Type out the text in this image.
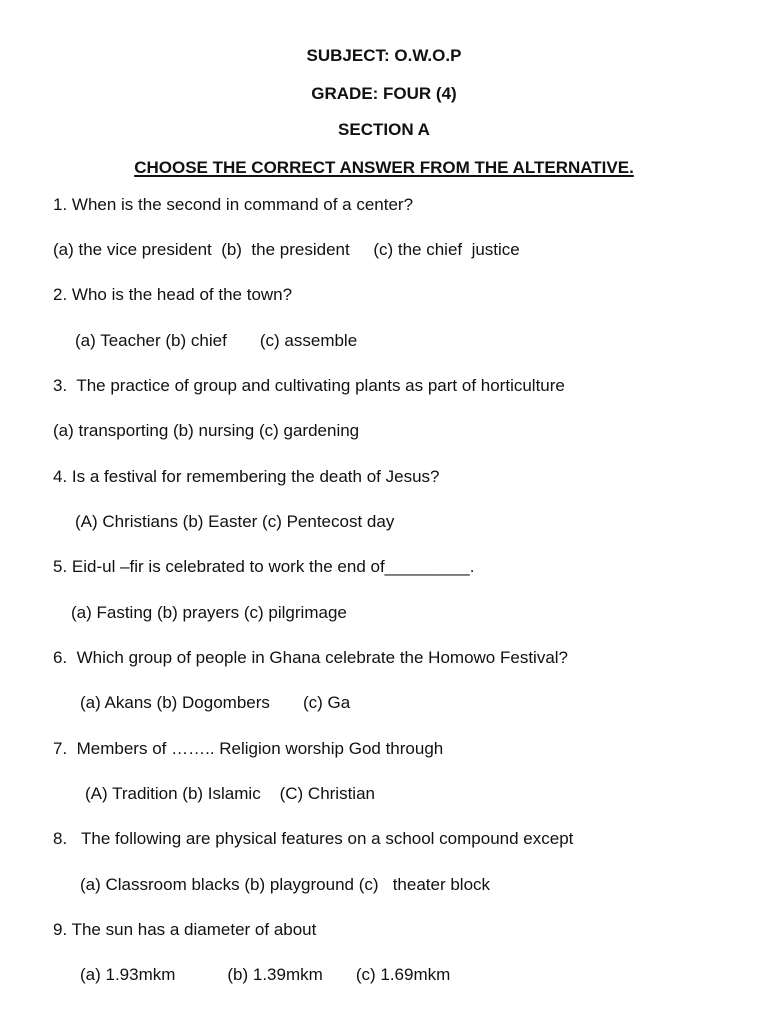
SUBJECT: O.W.O.P
GRADE: FOUR (4)
SECTION A
CHOOSE THE CORRECT ANSWER FROM THE ALTERNATIVE.
1. When is the second in command of a center?
(a) the vice president  (b)  the president     (c) the chief  justice
2. Who is the head of the town?
(a) Teacher (b) chief       (c) assemble
3.  The practice of group and cultivating plants as part of horticulture
(a) transporting (b) nursing (c) gardening
4. Is a festival for remembering the death of Jesus?
(A) Christians (b) Easter (c) Pentecost day
5. Eid-ul –fir is celebrated to work the end of_________.
(a) Fasting (b) prayers (c) pilgrimage
6.  Which group of people in Ghana celebrate the Homowo Festival?
(a) Akans (b) Dogombers       (c) Ga
7.  Members of …….. Religion worship God through
(A) Tradition (b) Islamic    (C) Christian
8.   The following are physical features on a school compound except
(a) Classroom blacks (b) playground (c)   theater block
9. The sun has a diameter of about
(a) 1.93mkm           (b) 1.39mkm       (c) 1.69mkm
